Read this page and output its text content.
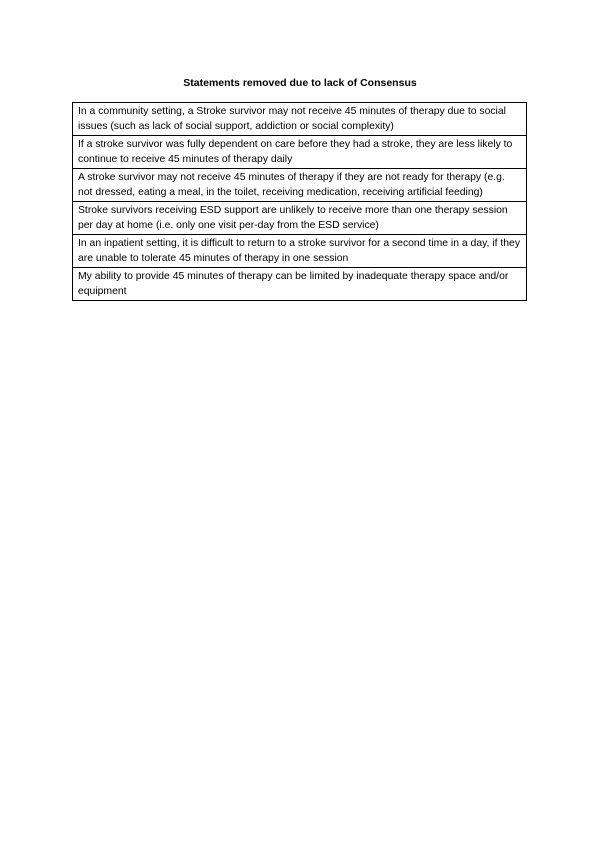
Statements removed due to lack of Consensus
In a community setting, a Stroke survivor may not receive 45 minutes of therapy due to social issues (such as lack of social support, addiction or social complexity)
If a stroke survivor was fully dependent on care before they had a stroke, they are less likely to continue to receive 45 minutes of therapy daily
A stroke survivor may not receive 45 minutes of therapy if they are not ready for therapy (e.g. not dressed, eating a meal, in the toilet, receiving medication, receiving artificial feeding)
Stroke survivors receiving ESD support are unlikely to receive more than one therapy session per day at home (i.e. only one visit per-day from the ESD service)
In an inpatient setting, it is difficult to return to a stroke survivor for a second time in a day, if they are unable to tolerate 45 minutes of therapy in one session
My ability to provide 45 minutes of therapy can be limited by inadequate therapy space and/or equipment
